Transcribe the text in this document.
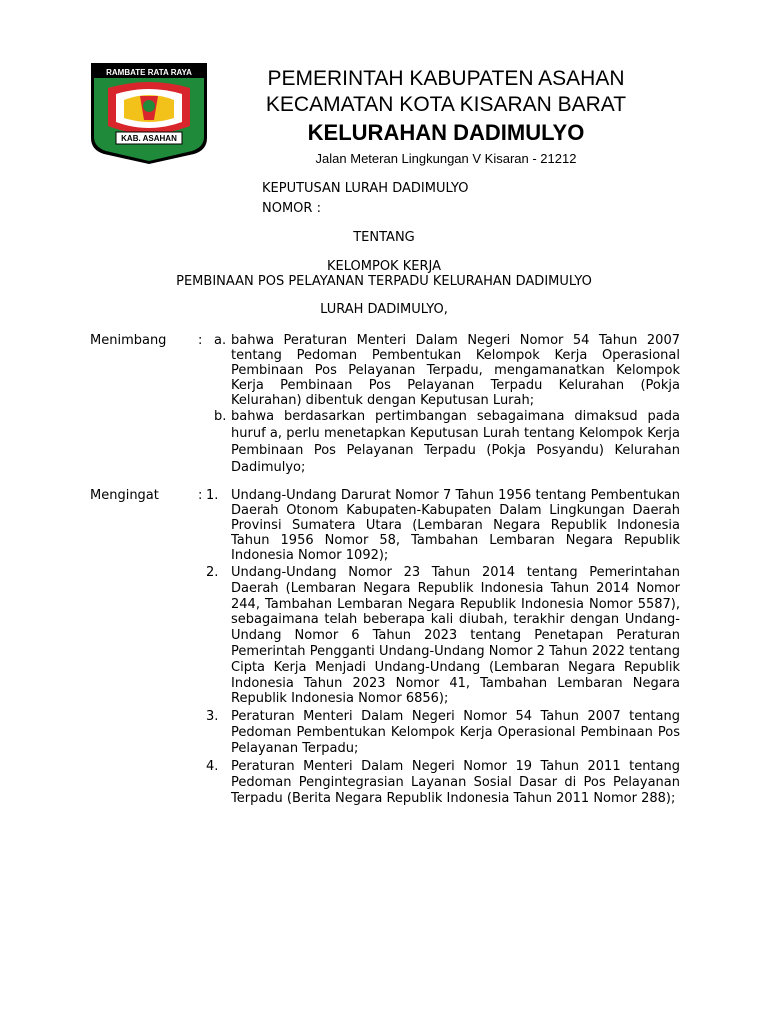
RAMBATE RATA RAYA
KAB. ASAHAN
PEMERINTAH KABUPATEN ASAHAN
KECAMATAN KOTA KISARAN BARAT
KELURAHAN DADIMULYO
Jalan Meteran Lingkungan V Kisaran - 21212
KEPUTUSAN LURAH DADIMULYO
NOMOR :
TENTANG
KELOMPOK KERJA
PEMBINAAN POS PELAYANAN TERPADU KELURAHAN DADIMULYO
LURAH DADIMULYO,
Menimbang : a. bahwa Peraturan Menteri Dalam Negeri Nomor 54 Tahun 2007 tentang Pedoman Pembentukan Kelompok Kerja Operasional Pembinaan Pos Pelayanan Terpadu, mengamanatkan Kelompok Kerja Pembinaan Pos Pelayanan Terpadu Kelurahan (Pokja Kelurahan) dibentuk dengan Keputusan Lurah;
b. bahwa berdasarkan pertimbangan sebagaimana dimaksud pada huruf a, perlu menetapkan Keputusan Lurah tentang Kelompok Kerja Pembinaan Pos Pelayanan Terpadu (Pokja Posyandu) Kelurahan Dadimulyo;
Mengingat	: 1. Undang-Undang Darurat Nomor 7 Tahun 1956 tentang Pembentukan Daerah Otonom Kabupaten-Kabupaten Dalam Lingkungan Daerah Provinsi Sumatera Utara (Lembaran Negara Republik Indonesia Tahun 1956 Nomor 58, Tambahan Lembaran Negara Republik Indonesia Nomor 1092);
2. Undang-Undang Nomor 23 Tahun 2014 tentang Pemerintahan Daerah (Lembaran Negara Republik Indonesia Tahun 2014 Nomor 244, Tambahan Lembaran Negara Republik Indonesia Nomor 5587), sebagaimana telah beberapa kali diubah, terakhir dengan Undang-Undang Nomor 6 Tahun 2023 tentang Penetapan Peraturan Pemerintah Pengganti Undang-Undang Nomor 2 Tahun 2022 tentang Cipta Kerja Menjadi Undang-Undang (Lembaran Negara Republik Indonesia Tahun 2023 Nomor 41, Tambahan Lembaran Negara Republik Indonesia Nomor 6856);
3. Peraturan Menteri Dalam Negeri Nomor 54 Tahun 2007 tentang Pedoman Pembentukan Kelompok Kerja Operasional Pembinaan Pos Pelayanan Terpadu;
4. Peraturan Menteri Dalam Negeri Nomor 19 Tahun 2011 tentang Pedoman Pengintegrasian Layanan Sosial Dasar di Pos Pelayanan Terpadu (Berita Negara Republik Indonesia Tahun 2011 Nomor 288);
